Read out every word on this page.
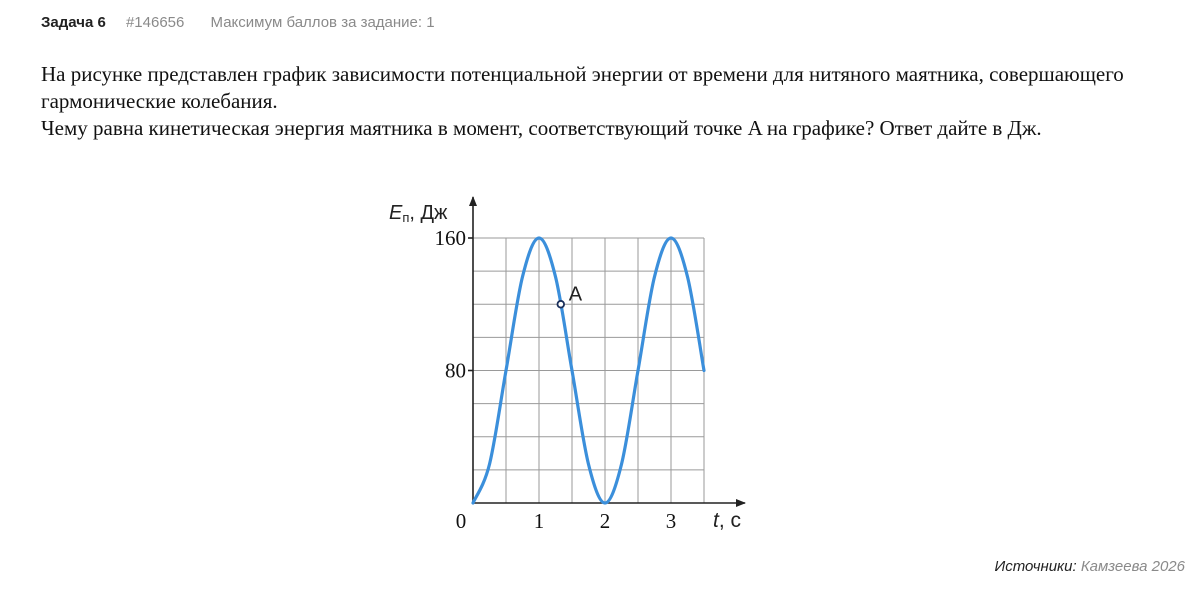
Задача 6 #146656 Максимум баллов за задание: 1

На рисунке представлен график зависимости потенциальной энергии от времени для нитяного маятника, совершающего гармонические колебания.

Чему равна кинетическая энергия маятника в момент, соответствующий точке A на графике? Ответ дайте в Дж.

80
160
0	1	2	3
Eп, Дж
t, с
A
Источники: Камзеева 2026
